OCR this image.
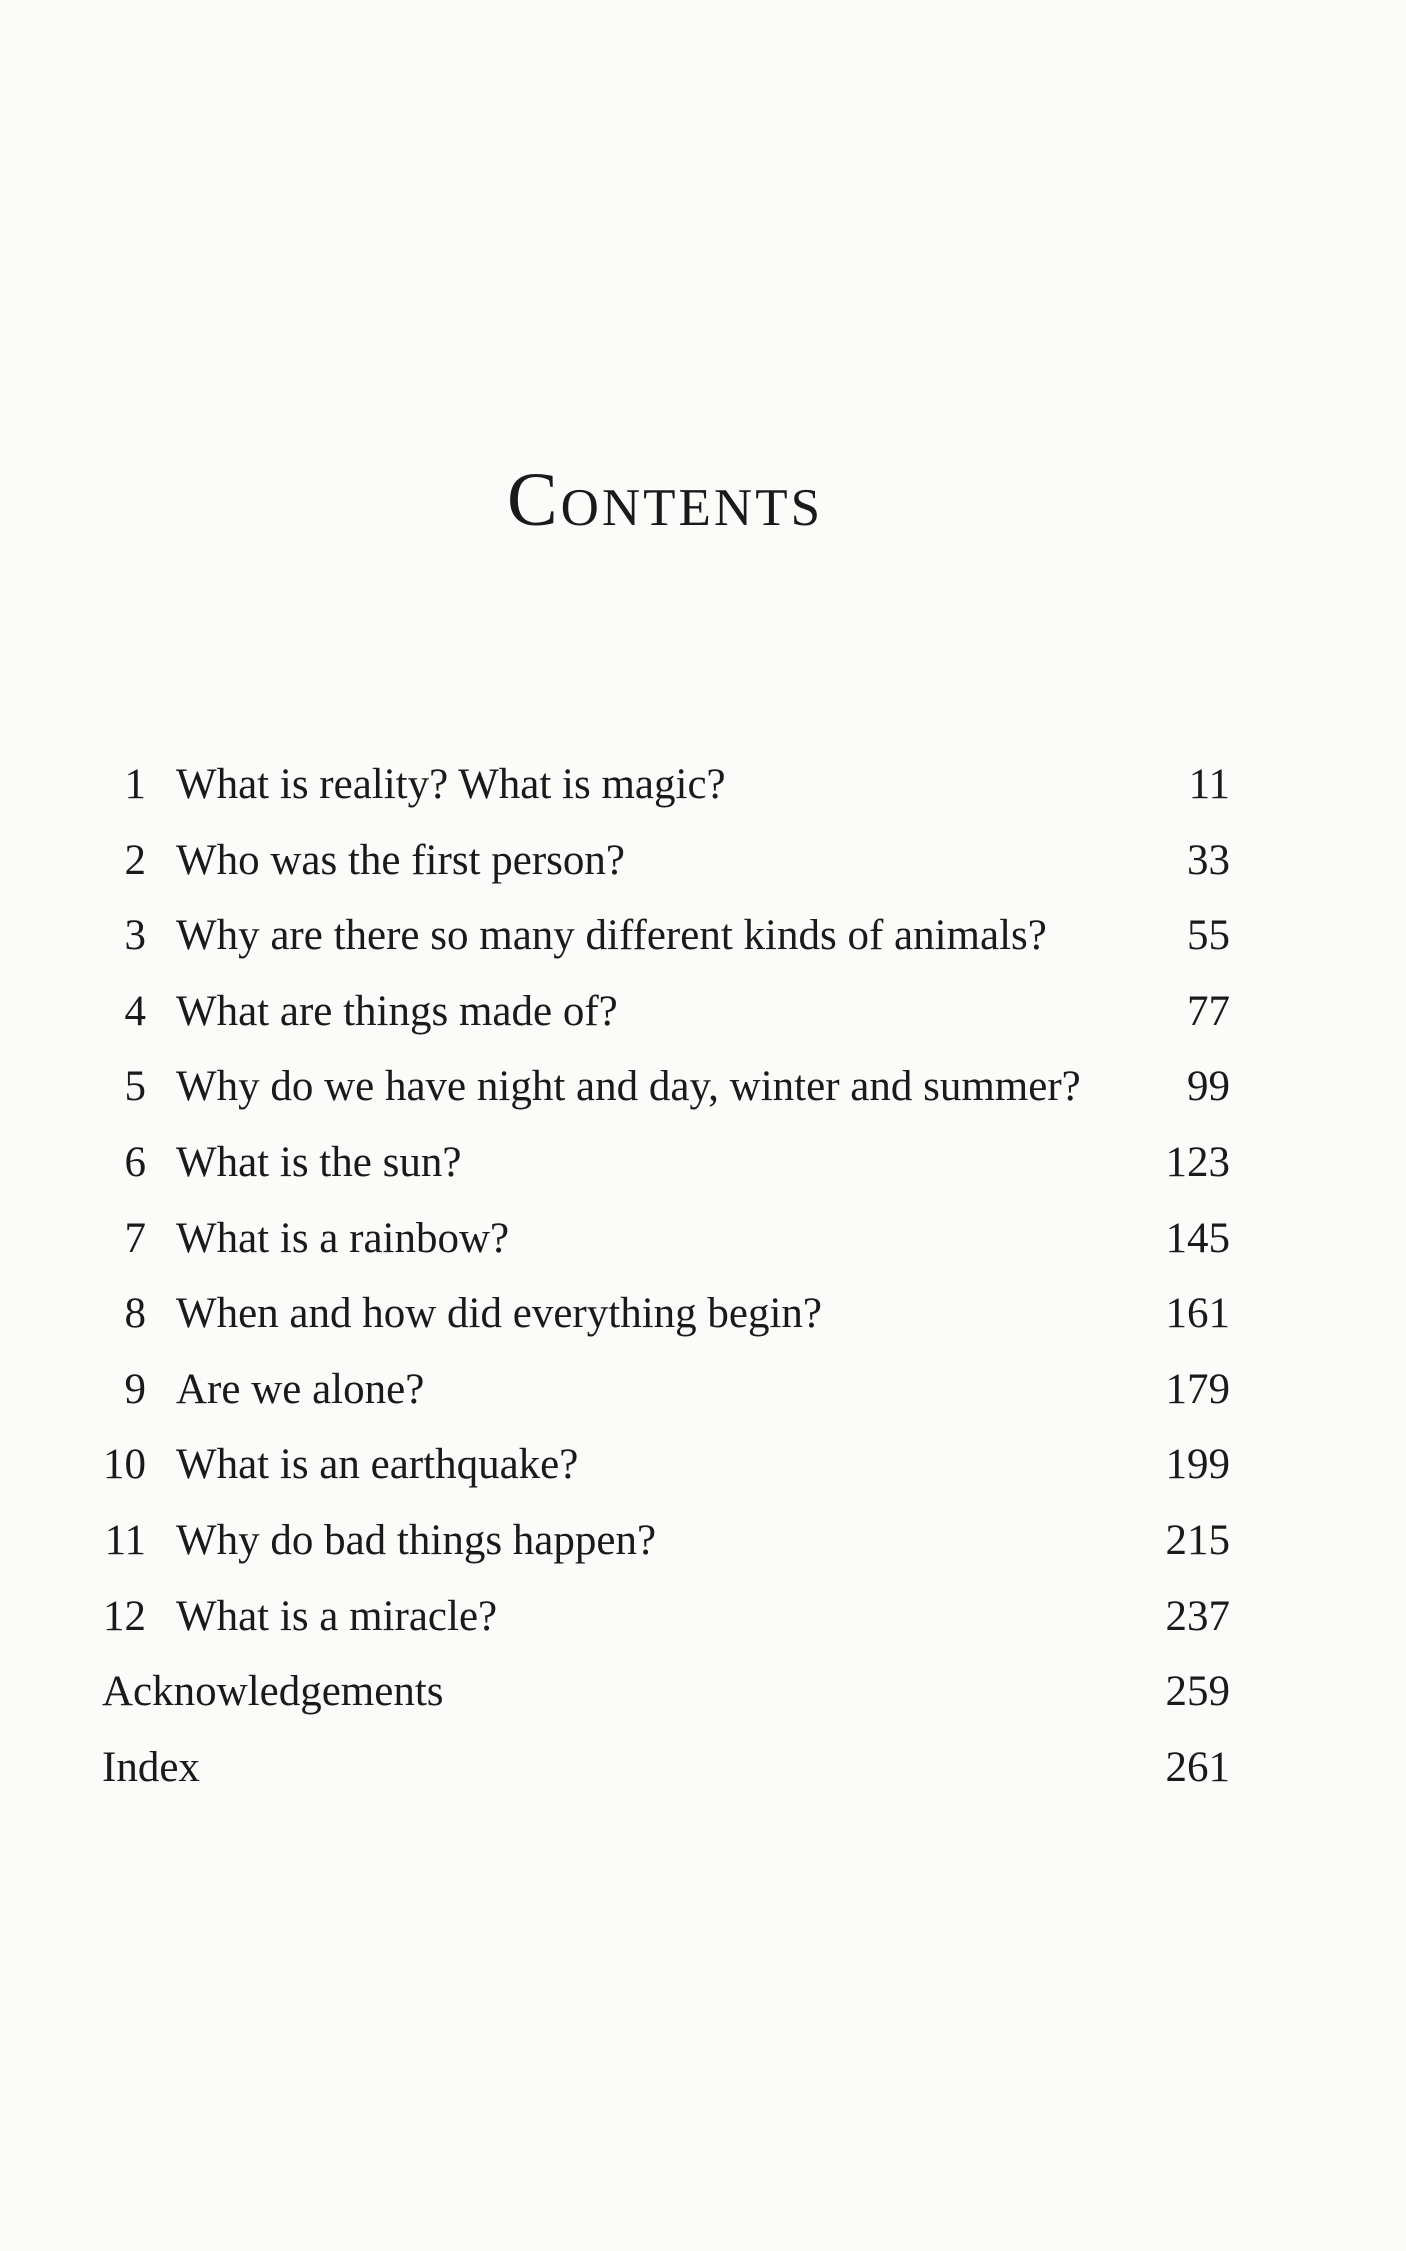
Contents
1 What is reality? What is magic?	11
2 Who was the first person?	33
3 Why are there so many different kinds of animals?	55
4 What are things made of?	77
5 Why do we have night and day, winter and summer? 99
6 What is the sun?	123
7 What is a rainbow?	145
8 When and how did everything begin?	161
9 Are we alone?	179
10 What is an earthquake?	199
11 Why do bad things happen?	215
12 What is a miracle?	237
Acknowledgements	259
Index	261
